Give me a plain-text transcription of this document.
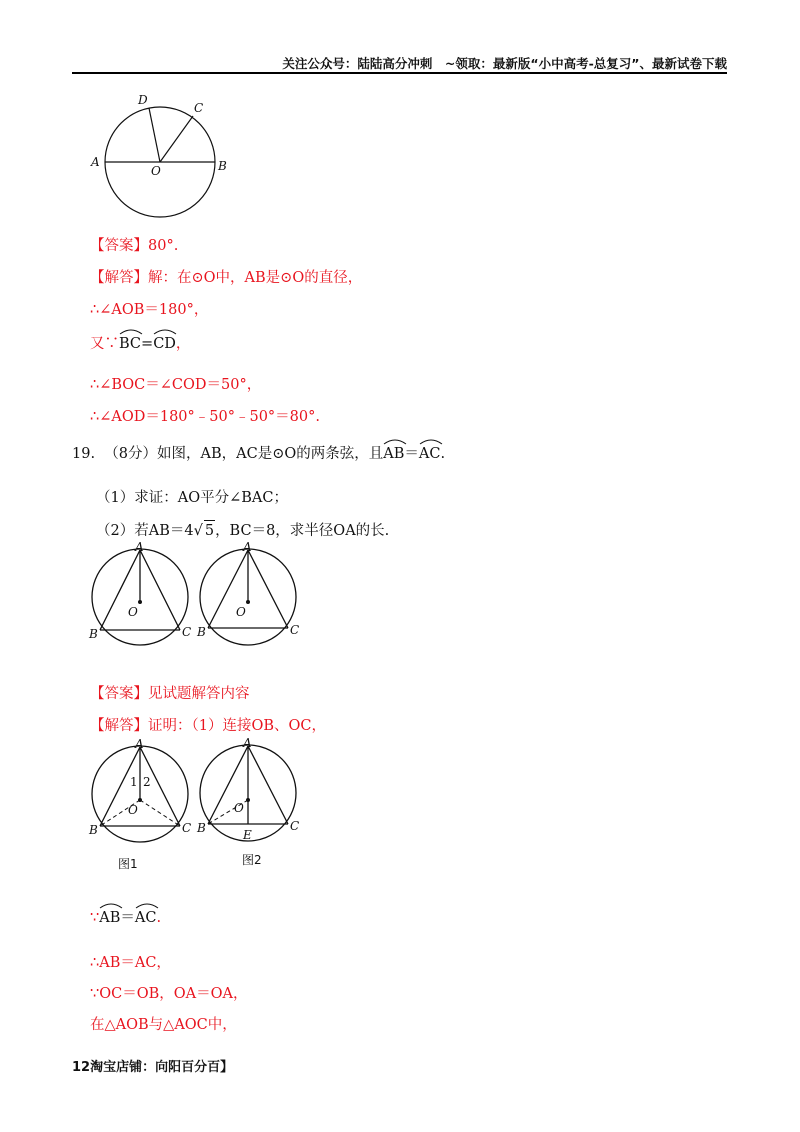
关注公众号：陆陆高分冲刺　~领取：最新版“小中高考-总复习”、最新试卷下载
A	B
C
D
O
【答案】80°.
【解答】解：在⊙O中，AB是⊙O的直径，
∴∠AOB＝180°，
又∵
BC=
CD，
∴∠BOC＝∠COD＝50°，
∴∠AOD＝180°﹣50°﹣50°＝80°.
19. （8分）如图，AB，AC是⊙O的两条弦，且
AB＝
AC.
（1）求证：AO平分∠BAC；
（2）若AB＝4√ 5，BC＝8，求半径OA的长.
A
B	C
O
A
B	C
O
【答案】见试题解答内容
【解答】证明：（1）连接OB、OC，
A
1 2
B	C
O
图1
A
B	C
O
E
图2
∵
AB＝
AC.
∴AB＝AC，
∵OC＝OB，OA＝OA，
在△AOB与△AOC中，
12淘宝店铺：向阳百分百】
